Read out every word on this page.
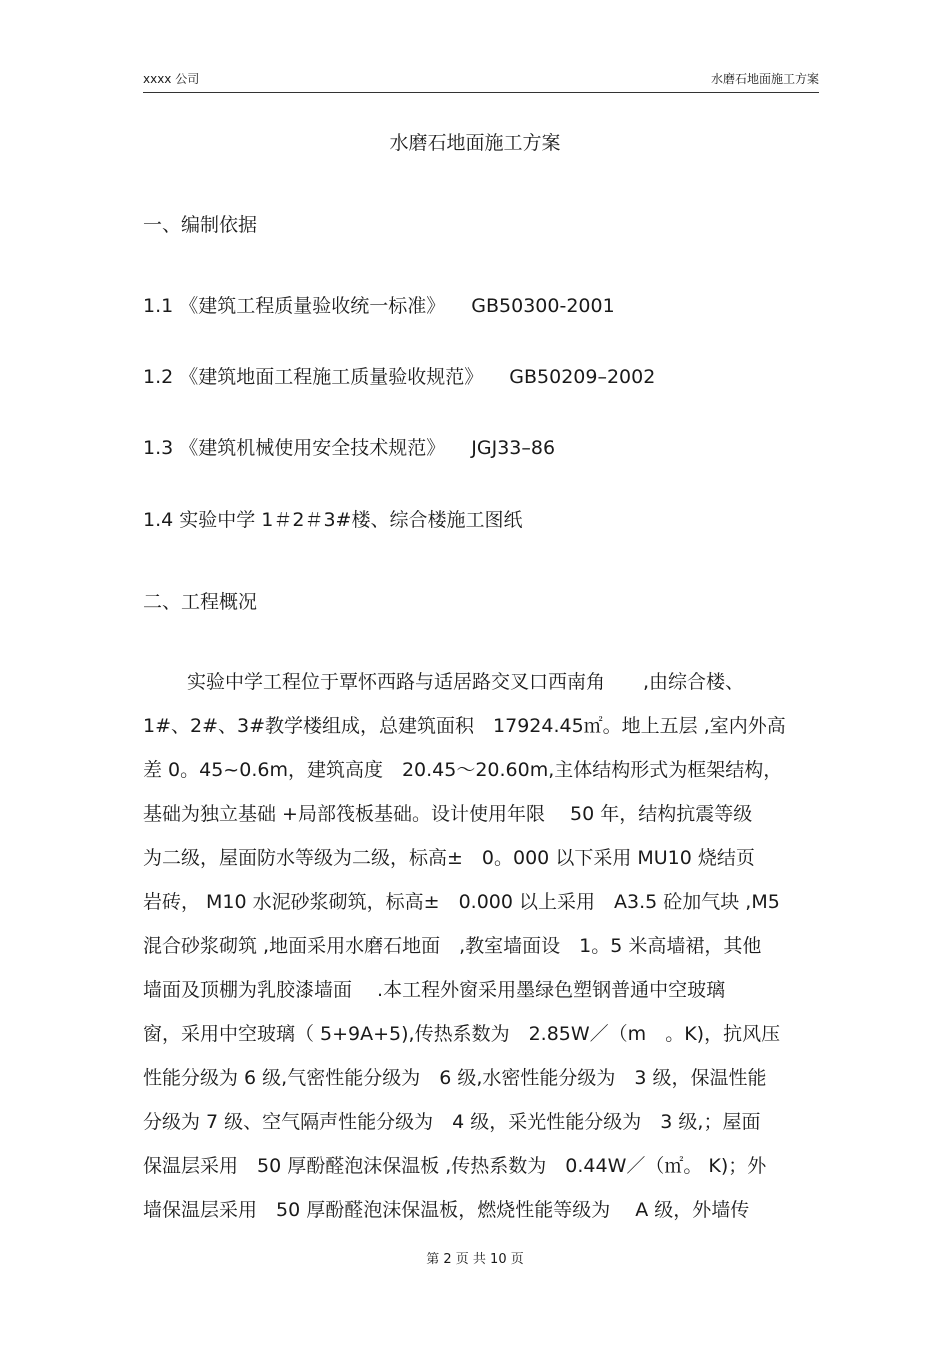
xxxx 公司	水磨石地面施工方案
水磨石地面施工方案
一、编制依据
1.1 《建筑工程质量验收统一标准》 GB50300-2001
1.2 《建筑地面工程施工质量验收规范》 GB50209–2002
1.3 《建筑机械使用安全技术规范》 JGJ33–86
1.4 实验中学 1＃2＃3#楼、综合楼施工图纸
二、工程概况
实验中学工程位于覃怀西路与适居路交叉口西南角　　,由综合楼、
1#、2#、3#教学楼组成，总建筑面积　17924.45㎡。地上五层 ,室内外高
差 0。45~0.6m，建筑高度　20.45～20.60m,主体结构形式为框架结构，
基础为独立基础 +局部筏板基础。设计使用年限　 50 年，结构抗震等级
为二级，屋面防水等级为二级，标高±　0。000 以下采用 MU10 烧结页
岩砖， M10 水泥砂浆砌筑，标高±　0.000 以上采用　A3.5 砼加气块 ,M5
混合砂浆砌筑 ,地面采用水磨石地面　,教室墙面设　1。5 米高墙裙，其他
墙面及顶棚为乳胶漆墙面　 .本工程外窗采用墨绿色塑钢普通中空玻璃
窗，采用中空玻璃（ 5+9A+5),传热系数为　2.85W／（m　。K)，抗风压
性能分级为 6 级,气密性能分级为　6 级,水密性能分级为　3 级，保温性能
分级为 7 级、空气隔声性能分级为　4 级，采光性能分级为　3 级,；屋面
保温层采用　50 厚酚醛泡沫保温板 ,传热系数为　0.44W／（㎡。 K)；外
墙保温层采用　50 厚酚醛泡沫保温板，燃烧性能等级为　 A 级，外墙传
第 2 页 共 10 页
